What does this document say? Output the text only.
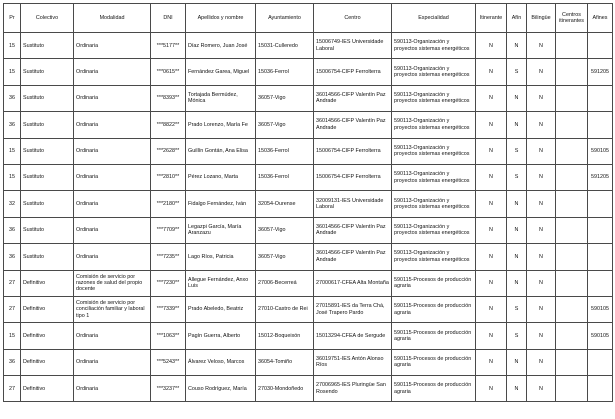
Pr	Colectivo	Modalidad	DNI	Apellidos y nombre	Ayuntamiento	Centro	Especialidad	Itinerante	Afín	Bilingüe	Centros itinerantes	Afines
15	Sustituto	Ordinaria	***5177**	Díaz Romero, Juan José	15031-Culleredo	15006749-IES Universidade Laboral	590113-Organización y proyectos sistemas energéticos	N	N	N		
15	Sustituto	Ordinaria	***0615**	Fernández Garea, Miguel	15036-Ferrol	15006754-CIFP Ferrolterra	590113-Organización y proyectos sistemas energéticos	N	S	N		591205
36	Sustituto	Ordinaria	***8393**	Tortajada Bermúdez, Mónica	36057-Vigo	36014566-CIFP Valentín Paz Andrade	590113-Organización y proyectos sistemas energéticos	N	N	N		
36	Sustituto	Ordinaria	***8822**	Prado Lorenzo, María Fe	36057-Vigo	36014566-CIFP Valentín Paz Andrade	590113-Organización y proyectos sistemas energéticos	N	N	N		
15	Sustituto	Ordinaria	***2628**	Guillín Gontán, Ana Elisa	15036-Ferrol	15006754-CIFP Ferrolterra	590113-Organización y proyectos sistemas energéticos	N	S	N		590105
15	Sustituto	Ordinaria	***2810**	Pérez Lozano, Marta	15036-Ferrol	15006754-CIFP Ferrolterra	590113-Organización y proyectos sistemas energéticos	N	S	N		591205
32	Sustituto	Ordinaria	***2180**	Fidalgo Fernández, Iván	32054-Ourense	32009131-IES Universidade Laboral	590113-Organización y proyectos sistemas energéticos	N	N	N		
36	Sustituto	Ordinaria	***7709**	Legazpi García, María Aranzazu	36057-Vigo	36014566-CIFP Valentín Paz Andrade	590113-Organización y proyectos sistemas energéticos	N	N	N		
36	Sustituto	Ordinaria	***7235**	Lago Ríos, Patricia	36057-Vigo	36014566-CIFP Valentín Paz Andrade	590113-Organización y proyectos sistemas energéticos	N	N	N		
27	Definitivo	Comisión de servicio por razones de salud del propio docente	***7230**	Allegue Fernández, Anxo Luis	27006-Becerreá	27000617-CFEA Alta Montaña	590115-Procesos de producción agraria	N	N	N		
27	Definitivo	Comisión de servicio por conciliación familiar y laboral tipo 1	***7339**	Prado Abeledo, Beatriz	27010-Castro de Rei	27015891-IES da Terra Chá, José Trapero Pardo	590115-Procesos de producción agraria	N	S	N		590105
15	Definitivo	Ordinaria	***1063**	Pagín Guerra, Alberto	15012-Boqueixón	15013294-CFEA de Sergude	590115-Procesos de producción agraria	N	S	N		590105
36	Definitivo	Ordinaria	***5243**	Álvarez Veloso, Marcos	36054-Tomiño	36019751-IES Antón Alonso Ríos	590115-Procesos de producción agraria	N	N	N		
27	Definitivo	Ordinaria	***3237**	Couso Rodríguez, María	27030-Mondoñedo	27006965-IES Pluringüe San Rosendo	590115-Procesos de producción agraria	N	N	N		
